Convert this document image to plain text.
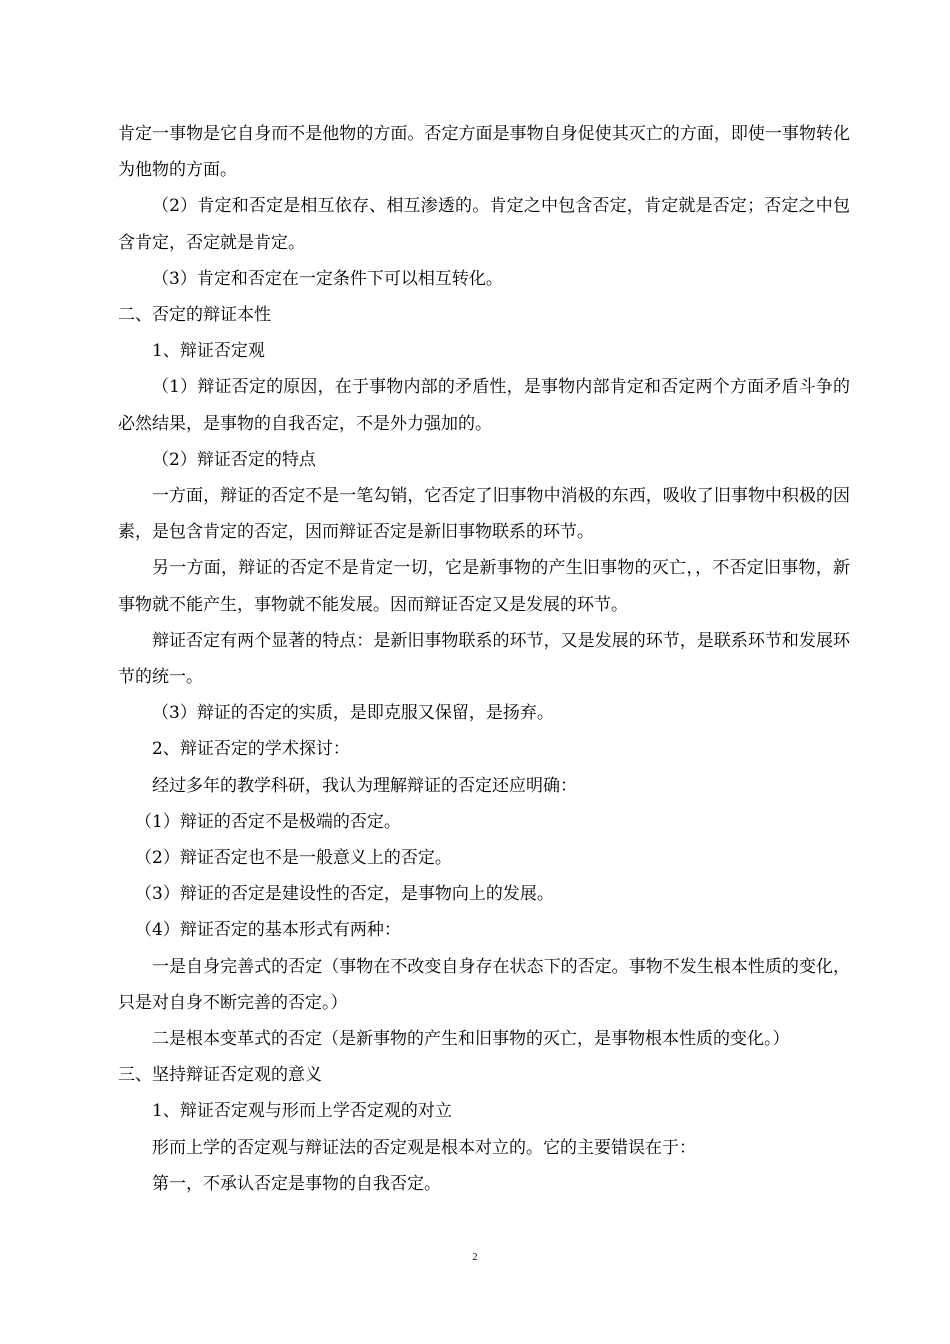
肯定一事物是它自身而不是他物的方面。否定方面是事物自身促使其灭亡的方面，即使一事物转化为他物的方面。

（2）肯定和否定是相互依存、相互渗透的。肯定之中包含否定，肯定就是否定；否定之中包含肯定，否定就是肯定。

（3）肯定和否定在一定条件下可以相互转化。

二、否定的辩证本性

1、辩证否定观

（1）辩证否定的原因，在于事物内部的矛盾性，是事物内部肯定和否定两个方面矛盾斗争的必然结果，是事物的自我否定，不是外力强加的。

（2）辩证否定的特点

一方面，辩证的否定不是一笔勾销，它否定了旧事物中消极的东西，吸收了旧事物中积极的因素，是包含肯定的否定，因而辩证否定是新旧事物联系的环节。

另一方面，辩证的否定不是肯定一切，它是新事物的产生旧事物的灭亡，，不否定旧事物，新事物就不能产生，事物就不能发展。因而辩证否定又是发展的环节。

辩证否定有两个显著的特点：是新旧事物联系的环节，又是发展的环节，是联系环节和发展环节的统一。

（3）辩证的否定的实质，是即克服又保留，是扬弃。

2、辩证否定的学术探讨：

经过多年的教学科研，我认为理解辩证的否定还应明确：

（1）辩证的否定不是极端的否定。

（2）辩证否定也不是一般意义上的否定。

（3）辩证的否定是建设性的否定，是事物向上的发展。

（4）辩证否定的基本形式有两种：

一是自身完善式的否定（事物在不改变自身存在状态下的否定。事物不发生根本性质的变化，只是对自身不断完善的否定。）

二是根本变革式的否定（是新事物的产生和旧事物的灭亡，是事物根本性质的变化。）

三、坚持辩证否定观的意义

1、辩证否定观与形而上学否定观的对立

形而上学的否定观与辩证法的否定观是根本对立的。它的主要错误在于：

第一，不承认否定是事物的自我否定。

2
